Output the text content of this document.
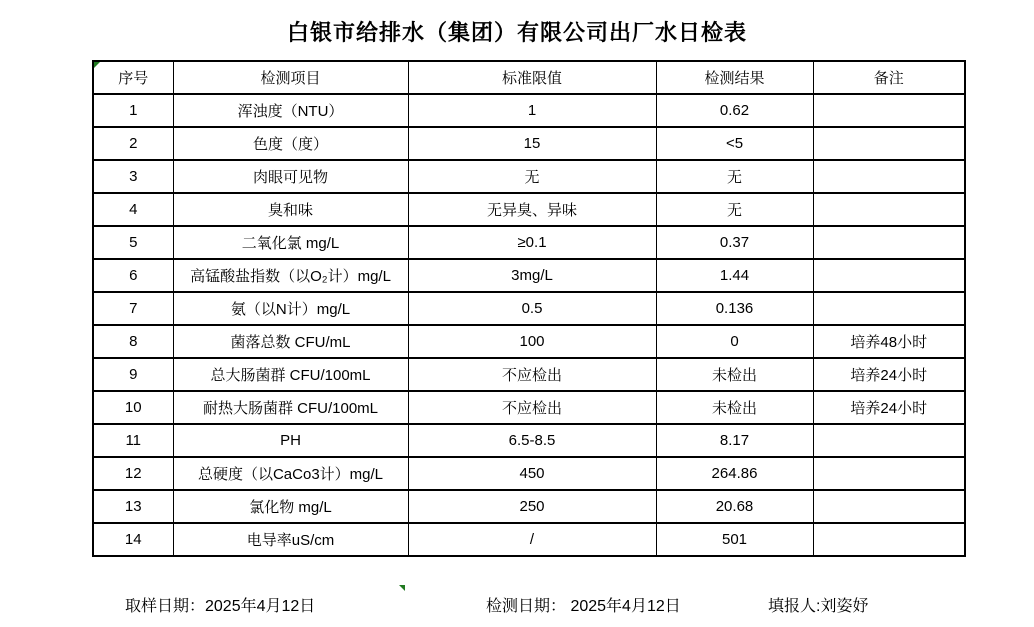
白银市给排水（集团）有限公司出厂水日检表
序号	检测项目	标准限值	检测结果	备注
1	浑浊度（NTU）	1	0.62	
2	色度（度）	15	<5	
3	肉眼可见物	无	无	
4	臭和味	无异臭、异味	无	
5	二氧化氯 mg/L	≥0.1	0.37	
6	高锰酸盐指数（以O₂计）mg/L	3mg/L	1.44	
7	氨（以N计）mg/L	0.5	0.136	
8	菌落总数 CFU/mL	100	0	培养48小时
9	总大肠菌群 CFU/100mL	不应检出	未检出	培养24小时
10	耐热大肠菌群 CFU/100mL	不应检出	未检出	培养24小时
11	PH	6.5-8.5	8.17	
12	总硬度（以CaCo3计）mg/L	450	264.86	
13	氯化物 mg/L	250	20.68	
14	电导率uS/cm	/	501	
取样日期：2025年4月12日	检测日期： 2025年4月12日	填报人:刘姿妤
